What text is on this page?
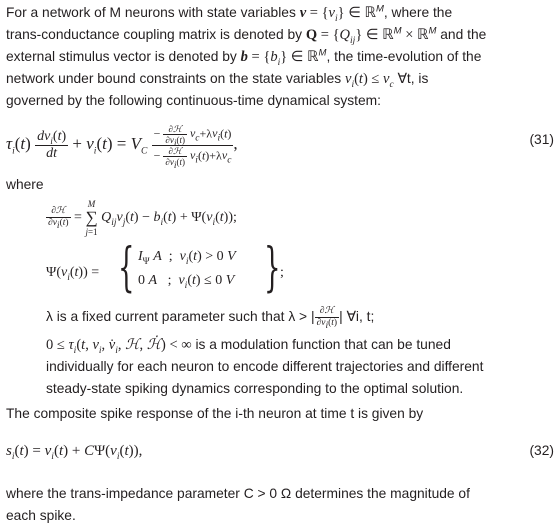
For a network of M neurons with state variables $v = \{v_i\}$ ∈ ℝ$^M$, where the
trans-conductance coupling matrix is denoted by $Q = \{Q_{ij}\}$ ∈ ℝ$^M$ × ℝ$^M$ and the
external stimulus vector is denoted by $b = \{b_i\}$ ∈ ℝ$^M$, the time-evolution of the
network under bound constraints on the state variables $v_i(t) \le v_c$ ∀t, is
governed by the following continuous-time dynamical system:
$\tau_i(t) \frac{dv_i(t)}{dt} + v_i(t) = V_C \frac{- \frac{\text{∂ℋ}}{\partial v_i(t)} v_c+\lambda v_i(t)}{- \frac{\text{∂ℋ}}{\partial v_i(t)} v_i(t)+\lambda v_c}$ ,	(31)
where
$\frac{\text{∂ℋ}}{\partial v_i(t)} = M$
∑
j=1 $Q_{ij}v_j(t) - b_i(t) + \Psi(v_i(t))$;
$\Psi(v_i(t))$ = { $I_\Psi$ A  ;  $v_i(t) > 0$ V
0 A   ;  $v_i(t) \le 0$ V } ;
λ is a fixed current parameter such that λ > | $\frac{\text{∂ℋ}}{\partial v_i(t)}$ | ∀i, t;
$0 \le \tau_i(t$, $v_i$, $v̇_i$, ℋ, ℋ̇) < ∞ is a modulation function that can be tuned
individually for each neuron to encode different trajectories and different
steady-state spiking dynamics corresponding to the optimal solution.
The composite spike response of the i-th neuron at time t is given by
$s_i(t) = v_i(t) + C\Psi(v_i(t))$,	(32)
where the trans-impedance parameter C > 0 Ω determines the magnitude of
each spike.
